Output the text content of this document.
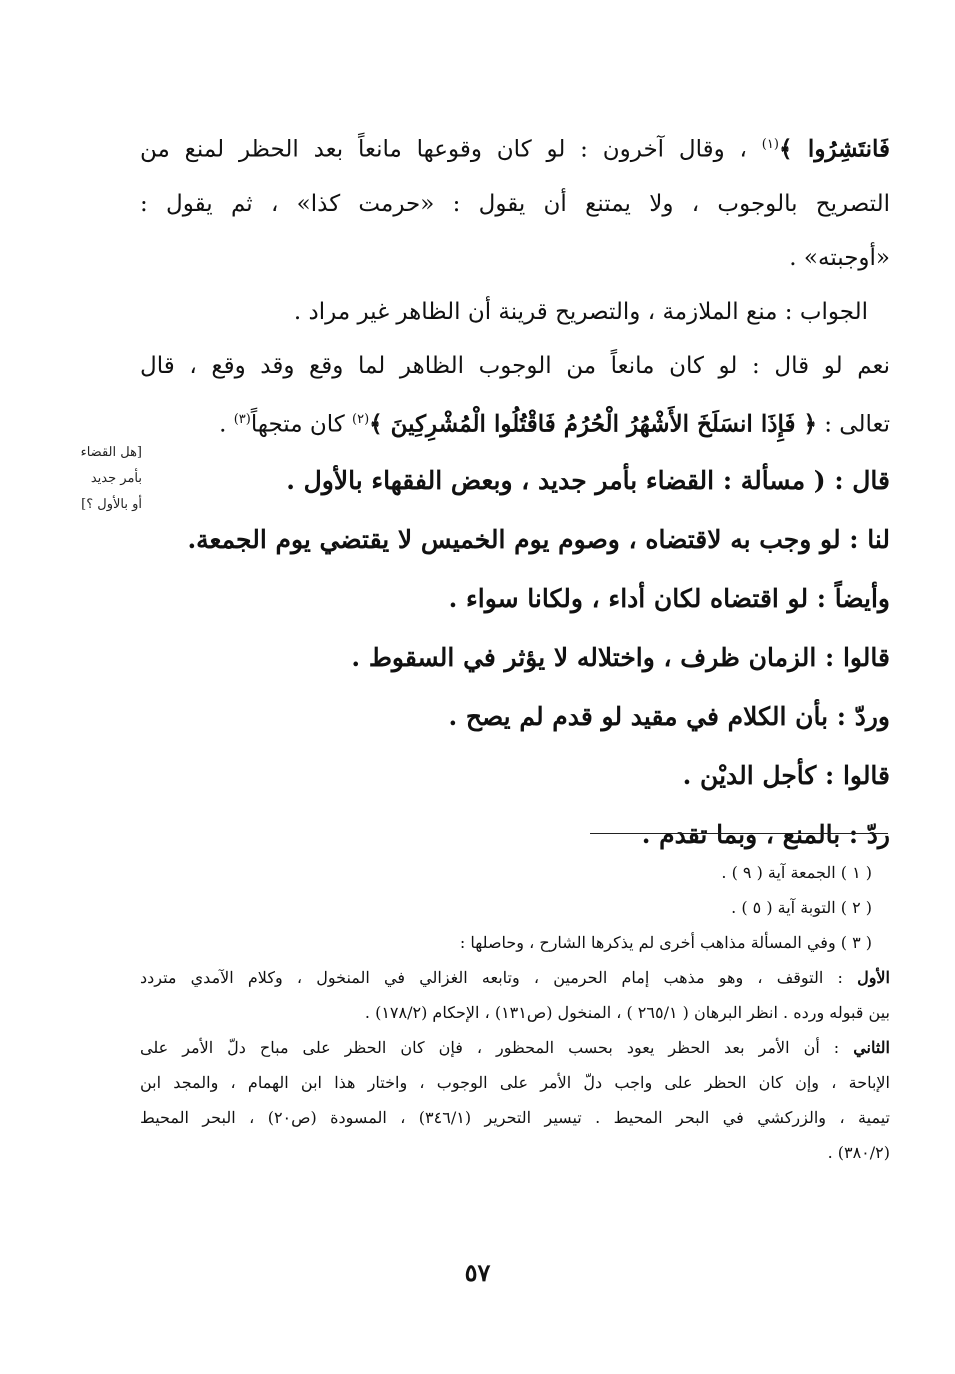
فَانتَشِرُوا ﴾$^{(١)}$ ، وقال آخرون : لو كان وقوعها مانعاً بعد الحظر لمنع من
التصريح بالوجوب ، ولا يمتنع أن يقول : «حرمت كذا» ، ثم يقول :
«أوجبته» .
الجواب : منع الملازمة ، والتصريح قرينة أن الظاهر غير مراد .
نعم لو قال : لو كان مانعاً من الوجوب الظاهر لما وقع وقد وقع ، قال
تعالى : ﴿ فَإِذَا انسَلَخَ الأَشْهُرُ الْحُرُمُ فَاقْتُلُوا الْمُشْرِكِينَ ﴾$^{(٢)}$ كان متجهاً$^{(٣)}$ .
قال : ( مسألة : القضاء بأمر جديد ، وبعض الفقهاء بالأول .
لنا : لو وجب به لاقتضاه ، وصوم يوم الخميس لا يقتضي يوم الجمعة.
وأيضاً : لو اقتضاه لكان أداء ، ولكانا سواء .
قالوا : الزمان ظرف ، واختلاله لا يؤثر في السقوط .
وردّ : بأن الكلام في مقيد لو قدم لم يصح .
قالوا : كأجل الديْن .
ردّ : بالمنع ، وبما تقدم .
[هل القضاء
بأمر جديد
أو بالأول ؟]
( ١ ) الجمعة آية ( ٩ ) .
( ٢ ) التوبة آية ( ٥ ) .
( ٣ ) وفي المسألة مذاهب أخرى لم يذكرها الشارح ، وحاصلها :
الأول : التوقف ، وهو مذهب إمام الحرمين ، وتابعه الغزالي في المنخول ، وكلام الآمدي متردد
بين قبوله ورده . انظر البرهان ( ٢٦٥/١ ) ، المنخول (ص١٣١) ، الإحكام (١٧٨/٢) .
الثاني : أن الأمر بعد الحظر يعود بحسب المحظور ، فإن كان الحظر على مباح دلّ الأمر على
الإباحة ، وإن كان الحظر على واجب دلّ الأمر على الوجوب ، واختار هذا ابن الهمام ، والمجد ابن
تيمية ، والزركشي في البحر المحيط . تيسير التحرير (٣٤٦/١) ، المسودة (ص٢٠) ، البحر المحيط
(٣٨٠/٢) .
٥٧
